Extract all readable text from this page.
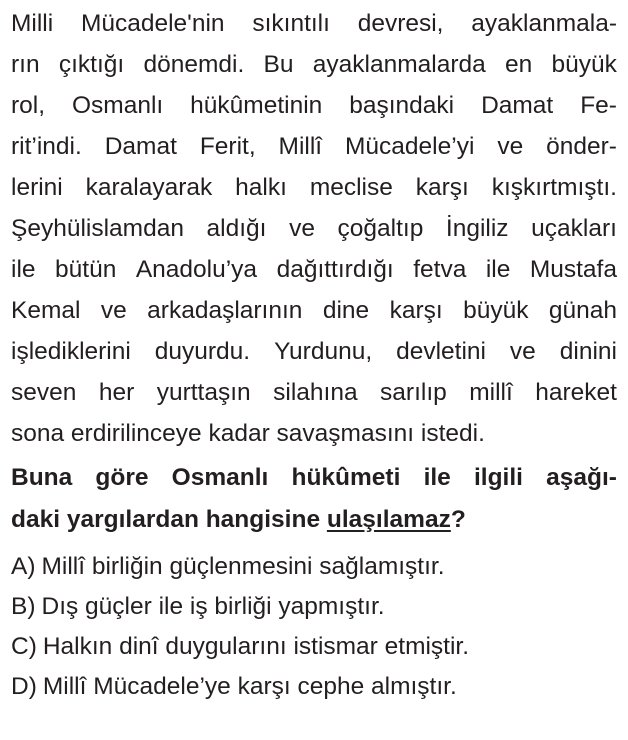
Milli Mücadele'nin sıkıntılı devresi, ayaklanmala-
rın çıktığı dönemdi. Bu ayaklanmalarda en büyük
rol, Osmanlı hükûmetinin başındaki Damat Fe-
rit’indi. Damat Ferit, Millî Mücadele’yi ve önder-
lerini karalayarak halkı meclise karşı kışkırtmıştı.
Şeyhülislamdan aldığı ve çoğaltıp İngiliz uçakları
ile bütün Anadolu’ya dağıttırdığı fetva ile Mustafa
Kemal ve arkadaşlarının dine karşı büyük günah
işlediklerini duyurdu. Yurdunu, devletini ve dinini
seven her yurttaşın silahına sarılıp millî hareket
sona erdirilinceye kadar savaşmasını istedi.
Buna göre Osmanlı hükûmeti ile ilgili aşağı-
daki yargılardan hangisine ulaşılamaz ?
A) Millî birliğin güçlenmesini sağlamıştır.
B) Dış güçler ile iş birliği yapmıştır.
C) Halkın dinî duygularını istismar etmiştir.
D) Millî Mücadele’ye karşı cephe almıştır.
